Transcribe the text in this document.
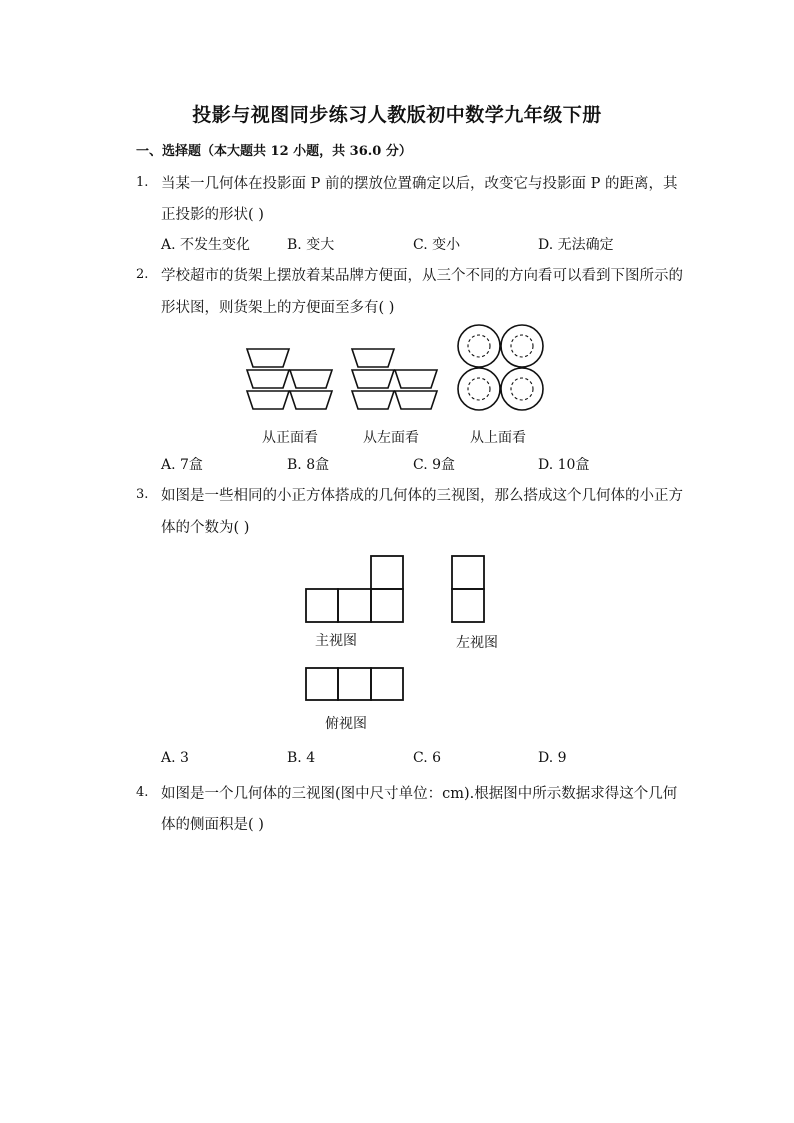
投影与视图同步练习人教版初中数学九年级下册
一、选择题（本大题共 12 小题，共 36.0 分）
1. 当某一几何体在投影面 P 前的摆放位置确定以后，改变它与投影面 P 的距离，其
正投影的形状( )
A. 不发生变化	B. 变大	C. 变小	D. 无法确定
2. 学校超市的货架上摆放着某品牌方便面，从三个不同的方向看可以看到下图所示的
形状图，则货架上的方便面至多有( )
从正面看	从左面看	从上面看
A. 7盒	B. 8盒	C. 9盒	D. 10盒
3. 如图是一些相同的小正方体搭成的几何体的三视图，那么搭成这个几何体的小正方
体的个数为( )
主视图	左视图
俯视图
A. 3	B. 4	C. 6	D. 9
4. 如图是一个几何体的三视图(图中尺寸单位：cm).根据图中所示数据求得这个几何
体的侧面积是( )
